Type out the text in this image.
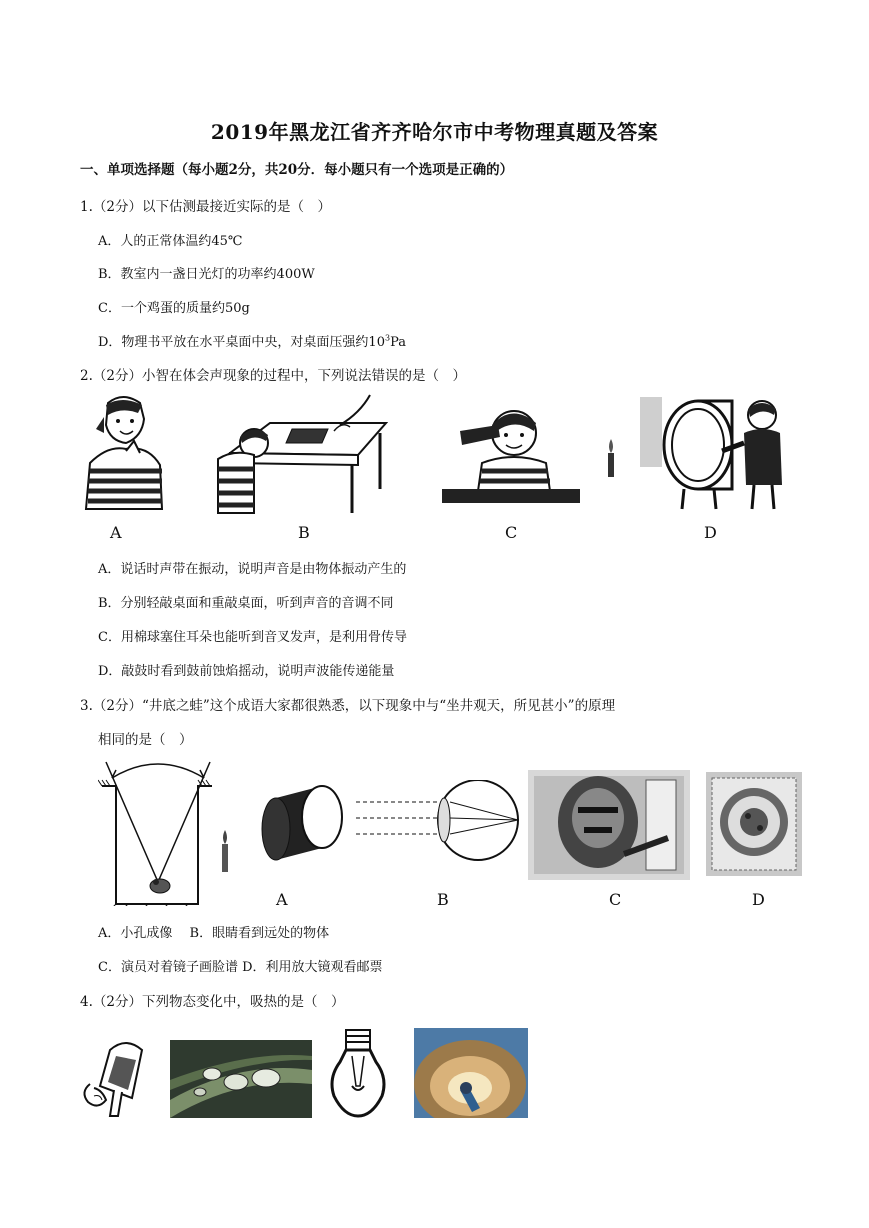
2019年黑龙江省齐齐哈尔市中考物理真题及答案
一、单项选择题（每小题2分，共20分．每小题只有一个选项是正确的）
1.（2分）以下估测最接近实际的是（　）
A．人的正常体温约45℃
B．教室内一盏日光灯的功率约400W
C．一个鸡蛋的质量约50g
D．物理书平放在水平桌面中央，对桌面压强约$10^3Pa$
2.（2分）小智在体会声现象的过程中，下列说法错误的是（　）
A	B	C	D
A．说话时声带在振动，说明声音是由物体振动产生的
B．分别轻敲桌面和重敲桌面，听到声音的音调不同
C．用棉球塞住耳朵也能听到音叉发声，是利用骨传导
D．敲鼓时看到鼓前蚀焰摇动，说明声波能传递能量
3.（2分）“井底之蛙”这个成语大家都很熟悉，以下现象中与“坐井观天，所见甚小”的原理
相同的是（　）
A	B	C	D
A．小孔成像　 B．眼睛看到远处的物体
C．演员对着镜子画脸谱 D．利用放大镜观看邮票
4.（2分）下列物态变化中，吸热的是（　）
